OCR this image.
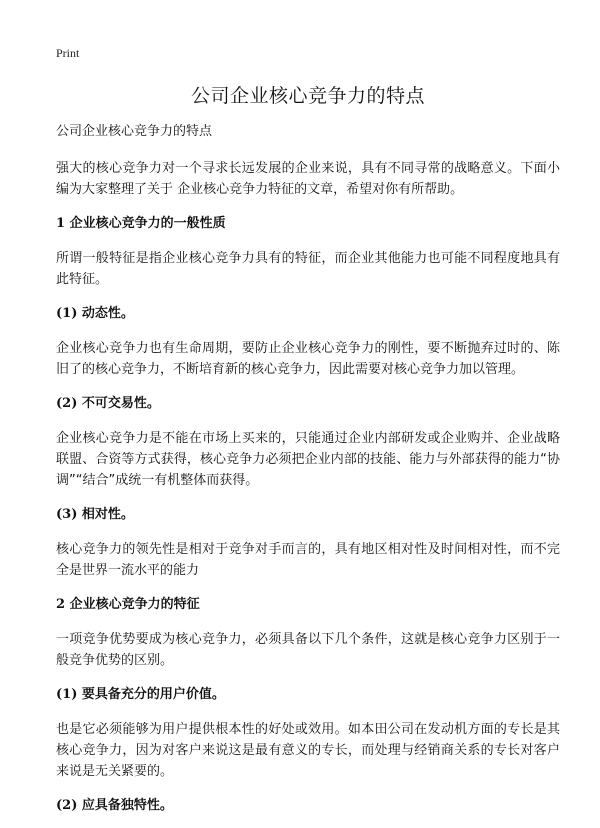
Print
公司企业核心竞争力的特点

公司企业核心竞争力的特点

强大的核心竞争力对一个寻求长远发展的企业来说，具有不同寻常的战略意义。下面小编为大家整理了关于 企业核心竞争力特征的文章，希望对你有所帮助。

1 企业核心竞争力的一般性质

所谓一般特征是指企业核心竞争力具有的特征，而企业其他能力也可能不同程度地具有此特征。

(1) 动态性。

企业核心竞争力也有生命周期，要防止企业核心竞争力的刚性，要不断抛弃过时的、陈旧了的核心竞争力，不断培育新的核心竞争力，因此需要对核心竞争力加以管理。

(2) 不可交易性。

企业核心竞争力是不能在市场上买来的，只能通过企业内部研发或企业购并、企业战略联盟、合资等方式获得，核心竞争力必须把企业内部的技能、能力与外部获得的能力“协调”“结合”成统一有机整体而获得。

(3) 相对性。

核心竞争力的领先性是相对于竞争对手而言的，具有地区相对性及时间相对性，而不完全是世界一流水平的能力

2 企业核心竞争力的特征

一项竞争优势要成为核心竞争力，必须具备以下几个条件，这就是核心竞争力区别于一般竞争优势的区别。

(1) 要具备充分的用户价值。

也是它必须能够为用户提供根本性的好处或效用。如本田公司在发动机方面的专长是其核心竞争力，因为对客户来说这是最有意义的专长，而处理与经销商关系的专长对客户来说是无关紧要的。

(2) 应具备独特性。
